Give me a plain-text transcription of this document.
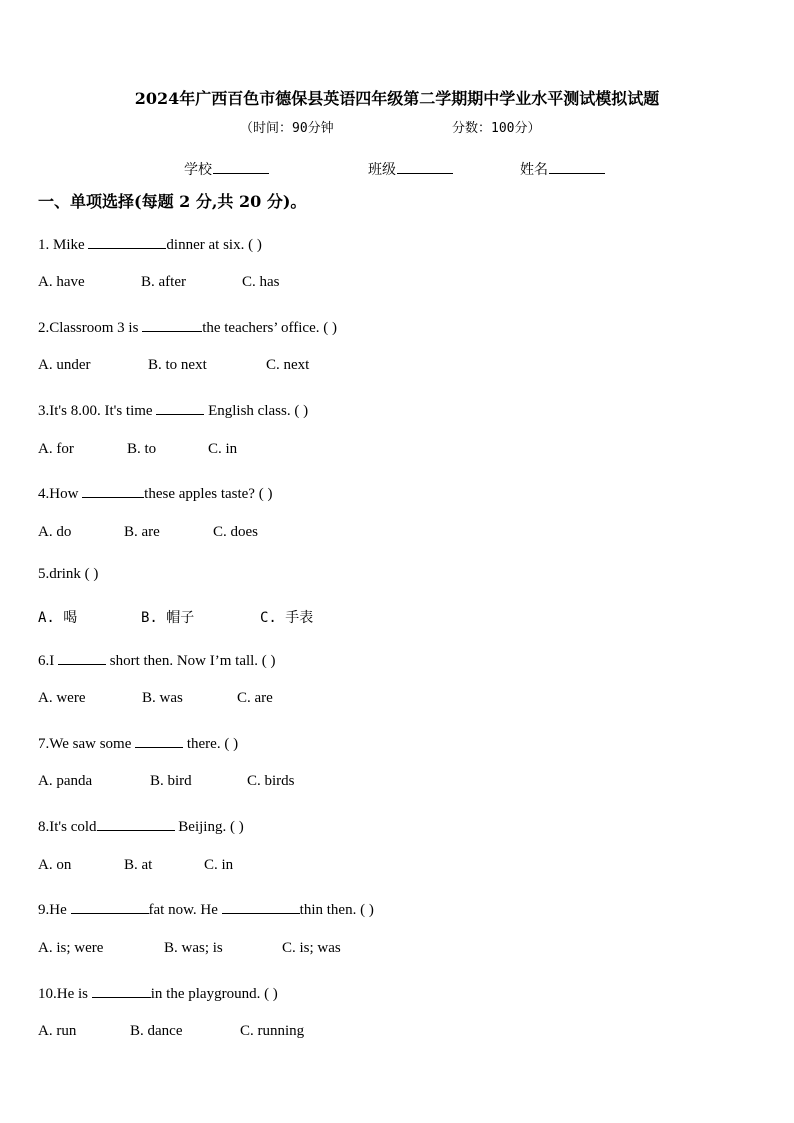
2024年广西百色市德保县英语四年级第二学期期中学业水平测试模拟试题
（时间：90分钟	分数：100分）
学校	班级	姓名
一、单项选择(每题 2 分,共 20 分)。
1. Mike	dinner at six. ( )
A. have	B. after	C. has
2.Classroom 3 is	the teachers’ office. ( )
A. under	B. to next	C. next
3.It's 8.00. It's time	English class. ( )
A. for	B. to	C. in
4.How	these apples taste? ( )
A. do	B. are	C. does
5.drink ( )
A. 喝	B. 帽子	C. 手表
6.I	short then. Now I’m tall. ( )
A. were	B. was	C. are
7.We saw some	there. ( )
A. panda	B. bird	C. birds
8.It's cold	Beijing. ( )
A. on	B. at	C. in
9.He	fat now. He	thin then. ( )
A. is; were	B. was; is	C. is; was
10.He is	in the playground. ( )
A. run	B. dance	C. running
